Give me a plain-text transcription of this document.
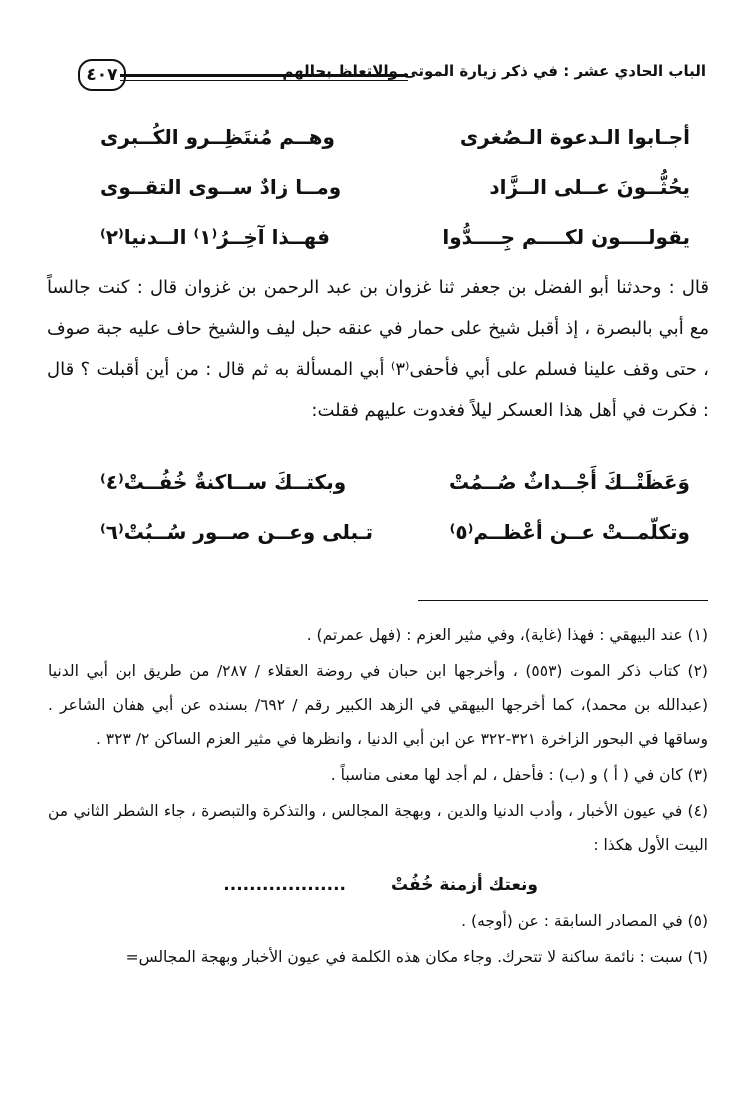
الباب الحادي عشر : في ذكر زيارة الموتى والاتعاظ بحالهم
٤٠٧
أجـابوا الـدعوة الـصُغرى
وهــم مُنتَظِــرو الكُــبرى
يحُثُّــونَ عــلى الــزَّاد
ومــا زادٌ ســوى التقــوى
يقولــــون لكــــم جِــــدُّوا
فهــذا آخِــرُ⁽١⁾ الــدنيا⁽٢⁾

قال : وحدثنا أبو الفضل بن جعفر ثنا غزوان بن عبد الرحمن بن غزوان قال : كنت جالساً مع أبي بالبصرة ، إذ أقبل شيخ على حمار في عنقه حبل ليف والشيخ حاف عليه جبة صوف ، حتى وقف علينا فسلم على أبي فأحفى⁽٣⁾ أبي المسألة به ثم قال : من أين أقبلت ؟ قال : فكرت في أهل هذا العسكر ليلاً فغدوت عليهم فقلت:

وَعَظَتْــكَ أَجْــداثٌ صُــمُتْ
وبكتــكَ ســاكنةٌ خُفُــتْ⁽٤⁾
وتكلّمــتْ عــن أعْظــم⁽٥⁾
تـبلى وعــن صــور سُــبُتْ⁽٦⁾

(١) عند البيهقي : فهذا (غاية)، وفي مثير العزم : (فهل عمرتم) .

(٢) كتاب ذكر الموت (٥٥٣) ، وأخرجها ابن حبان في روضة العقلاء / ٢٨٧/ من طريق ابن أبي الدنيا (عبدالله بن محمد)، كما أخرجها البيهقي في الزهد الكبير رقم / ٦٩٢/ بسنده عن أبي هفان الشاعر . وساقها في البحور الزاخرة ٣٢١-٣٢٢ عن ابن أبي الدنيا ، وانظرها في مثير العزم الساكن ٢/ ٣٢٣ .

(٣) كان في ( أ ) و (ب) : فأحفل ، لم أجد لها معنى مناسباً .

(٤) في عيون الأخبار ، وأدب الدنيا والدين ، وبهجة المجالس ، والتذكرة والتبصرة ، جاء الشطر الثاني من البيت الأول هكذا :

...................	ونعتك أزمنة خُفُتْ

(٥) في المصادر السابقة : عن (أوجه) .

(٦) سبت : نائمة ساكنة لا تتحرك. وجاء مكان هذه الكلمة في عيون الأخبار وبهجة المجالس=
